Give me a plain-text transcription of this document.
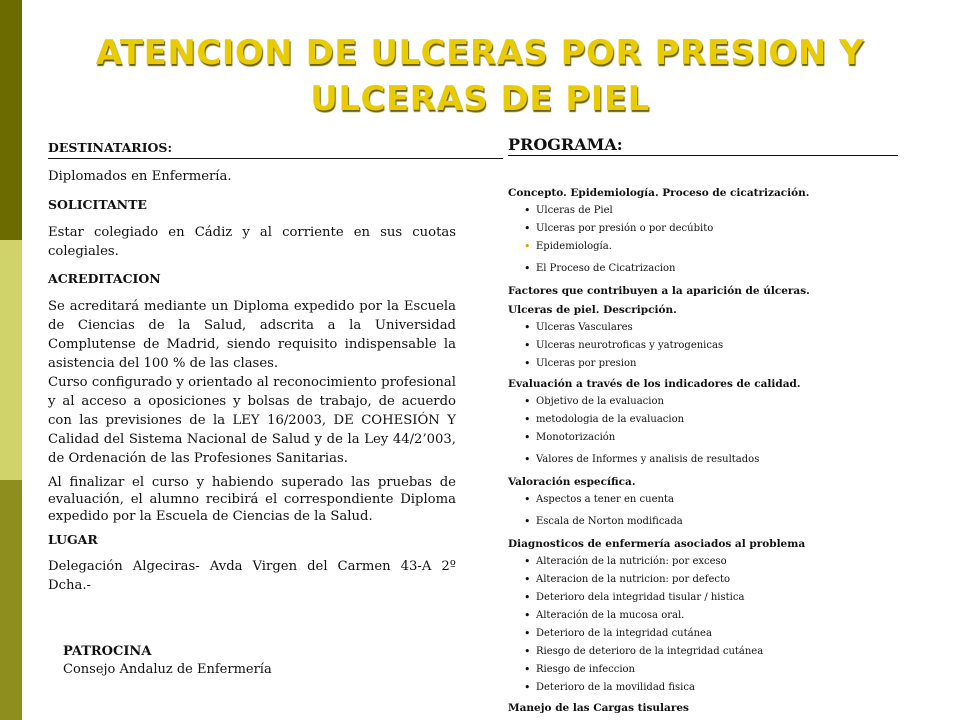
ATENCION DE ULCERAS POR PRESION Y
ULCERAS DE PIEL
DESTINATARIOS:

Diplomados en Enfermería.

SOLICITANTE

Estar colegiado en Cádiz y al corriente en sus cuotas colegiales.

ACREDITACION

Se acreditará mediante un Diploma expedido por la Escuela de Ciencias de la Salud, adscrita a la Universidad Complutense de Madrid, siendo requisito indispensable la asistencia del 100 % de las clases.

Curso configurado y orientado al reconocimiento profesional y al acceso a oposiciones y bolsas de trabajo, de acuerdo con las previsiones de la LEY 16/2003, DE COHESIÓN Y Calidad del Sistema Nacional de Salud y de la Ley 44/2’003, de Ordenación de las Profesiones Sanitarias.

Al finalizar el curso y habiendo superado las pruebas de evaluación, el alumno recibirá el correspondiente Diploma expedido por la Escuela de Ciencias de la Salud.

LUGAR

Delegación Algeciras- Avda Virgen del Carmen 43-A 2º Dcha.-

PATROCINA
Consejo Andaluz de Enfermería
PROGRAMA:
Concepto. Epidemiología. Proceso de cicatrización.
• Ulceras de Piel
• Ulceras por presión o por decúbito
• Epidemiología.
• El Proceso de Cicatrizacion
Factores que contribuyen a la aparición de úlceras.
Ulceras de piel. Descripción.
• Ulceras Vasculares
• Ulceras neurotroficas y yatrogenicas
• Ulceras por presion
Evaluación a través de los indicadores de calidad.
• Objetivo de la evaluacion
• metodologia de la evaluacion
• Monotorización
• Valores de Informes y analisis de resultados
Valoración específica.
• Aspectos a tener en cuenta
• Escala de Norton modificada
Diagnosticos de enfermería asociados al problema
• Alteración de la nutrición: por exceso
• Alteracion de la nutricion: por defecto
• Deterioro dela integridad tisular / histica
• Alteración de la mucosa oral.
• Deterioro de la integridad cutánea
• Riesgo de deterioro de la integridad cutánea
• Riesgo de infeccion
• Deterioro de la movilidad fisica
Manejo de las Cargas tisulares
